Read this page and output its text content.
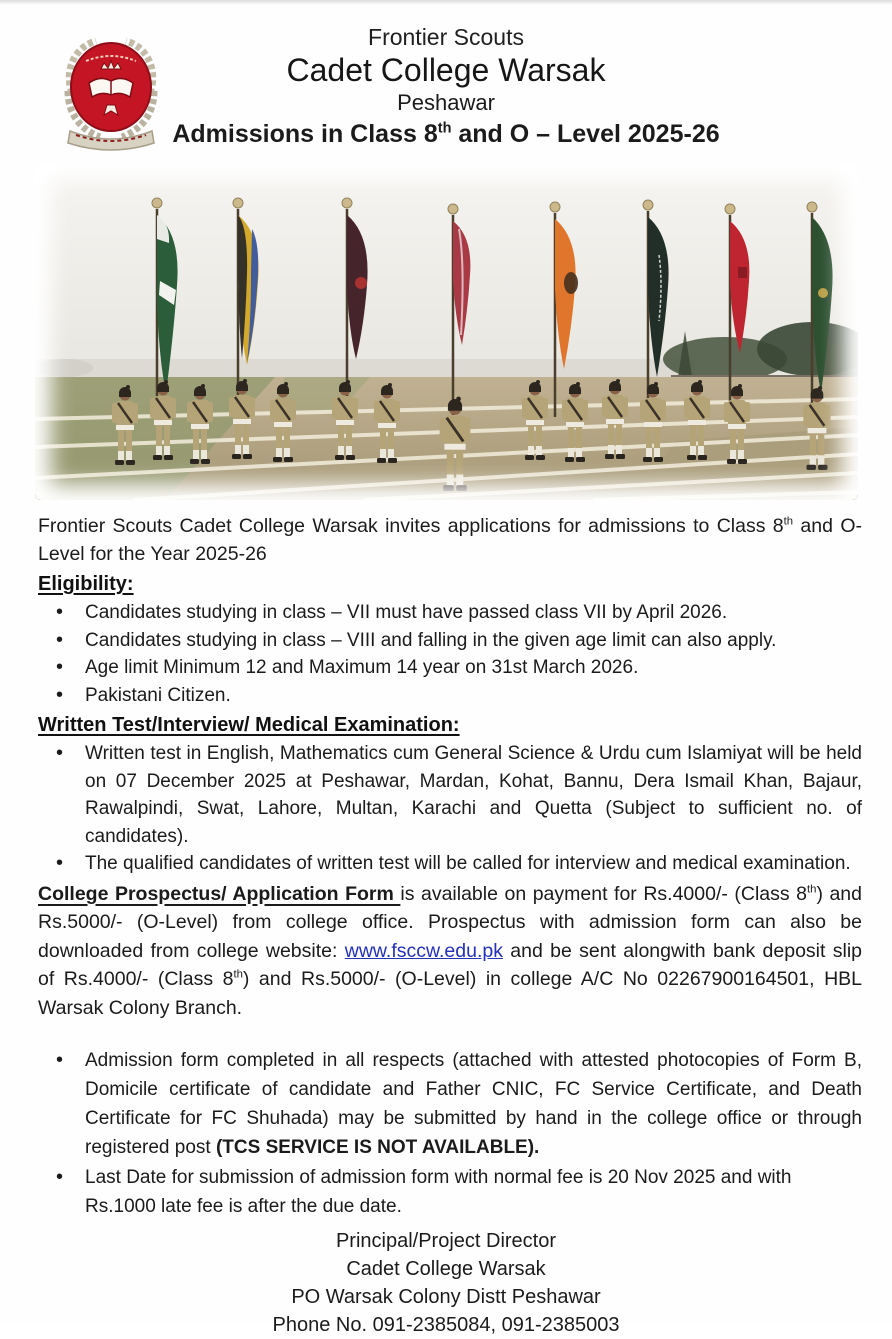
Frontier Scouts
Cadet College Warsak
Peshawar
Admissions in Class 8th and O – Level 2025-26

Frontier Scouts Cadet College Warsak invites applications for admissions to Class 8th and O-Level for the Year 2025-26

Eligibility:
• Candidates studying in class – VII must have passed class VII by April 2026.
• Candidates studying in class – VIII and falling in the given age limit can also apply.
• Age limit Minimum 12 and Maximum 14 year on 31st March 2026.
• Pakistani Citizen.
Written Test/Interview/ Medical Examination:
• Written test in English, Mathematics cum General Science & Urdu cum Islamiyat will be held on 07 December 2025 at Peshawar, Mardan, Kohat, Bannu, Dera Ismail Khan, Bajaur, Rawalpindi, Swat, Lahore, Multan, Karachi and Quetta (Subject to sufficient no. of candidates).
• The qualified candidates of written test will be called for interview and medical examination.

College Prospectus/ Application Form is available on payment for Rs.4000/- (Class 8th) and Rs.5000/- (O-Level) from college office. Prospectus with admission form can also be downloaded from college website: www.fsccw.edu.pk and be sent alongwith bank deposit slip of Rs.4000/- (Class 8th) and Rs.5000/- (O-Level) in college A/C No 02267900164501, HBL Warsak Colony Branch.

• Admission form completed in all respects (attached with attested photocopies of Form B, Domicile certificate of candidate and Father CNIC, FC Service Certificate, and Death Certificate for FC Shuhada) may be submitted by hand in the college office or through registered post (TCS SERVICE IS NOT AVAILABLE).
• Last Date for submission of admission form with normal fee is 20 Nov 2025 and with Rs.1000 late fee is after the due date.
Principal/Project Director
Cadet College Warsak
PO Warsak Colony Distt Peshawar
Phone No. 091-2385084, 091-2385003
